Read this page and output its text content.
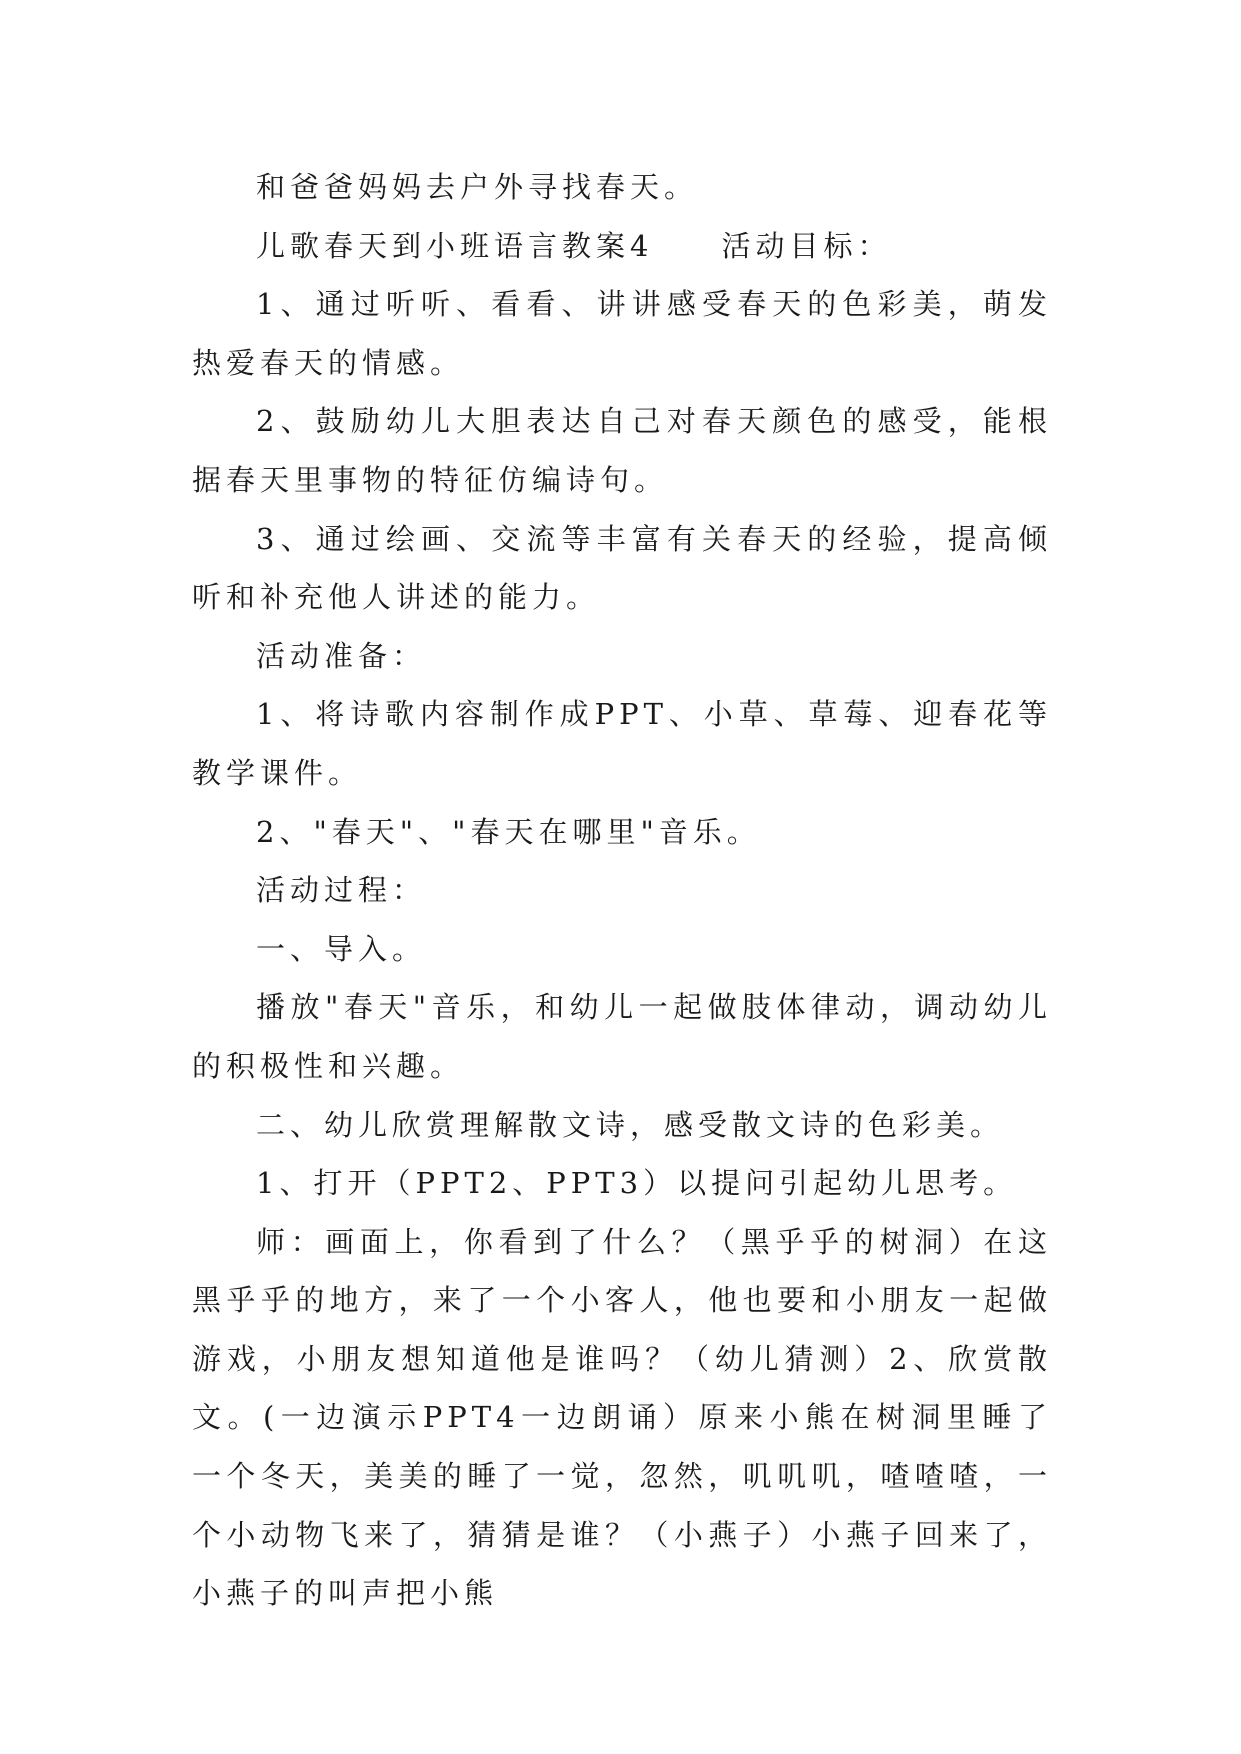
和爸爸妈妈去户外寻找春天。

儿歌春天到小班语言教案4　　活动目标：

1、通过听听、看看、讲讲感受春天的色彩美，萌发热爱春天的情感。

2、鼓励幼儿大胆表达自己对春天颜色的感受，能根据春天里事物的特征仿编诗句。

3、通过绘画、交流等丰富有关春天的经验，提高倾听和补充他人讲述的能力。

活动准备：

1、将诗歌内容制作成PPT、小草、草莓、迎春花等教学课件。

2、"春天"、"春天在哪里"音乐。

活动过程：

一、导入。

播放"春天"音乐，和幼儿一起做肢体律动，调动幼儿的积极性和兴趣。

二、幼儿欣赏理解散文诗，感受散文诗的色彩美。

1、打开（PPT2、PPT3）以提问引起幼儿思考。

师：画面上，你看到了什么？（黑乎乎的树洞）在这黑乎乎的地方，来了一个小客人，他也要和小朋友一起做游戏，小朋友想知道他是谁吗？（幼儿猜测）2、欣赏散文。(一边演示PPT4一边朗诵）原来小熊在树洞里睡了一个冬天，美美的睡了一觉，忽然，叽叽叽，喳喳喳，一个小动物飞来了，猜猜是谁？（小燕子）小燕子回来了，小燕子的叫声把小熊
